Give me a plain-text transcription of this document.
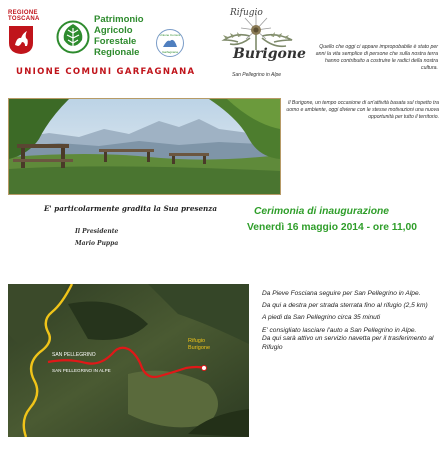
REGIONE TOSCANA	Patrimonio
Agricolo
Forestale
Regionale
Unione Comuni
Garfagnana
UNIONE COMUNI GARFAGNANA
Rifugio
Burigone
San Pellegrino in Alpe
Quello che oggi ci appare impropobabile è stato per anni la vita semplice di persone che sulla nostra terra hanno contribuito a costruire le radici della nostra cultura.
Il Burigone, un tempo occasione di un'attività basata sul rispetto tra uomo e ambiente, oggi diviene con le stesse motivazioni una nuova opportunità per tutto il territorio.
E' particolarmente gradita la Sua presenza
Il Presidente
Mario Puppa
Cerimonia di inaugurazione
Venerdì 16 maggio 2014 - ore 11,00
SAN PELLEGRINO
SAN PELLEGRINO IN ALPE
Rifugio
Burigone

Da Pieve Fosciana seguire per San Pellegrino in Alpe.

Da qui a destra per strada sterrata fino al rifugio (2,5 km)

A piedi da San Pellegrino circa 35 minuti

E' consigliato lasciare l'auto a San Pellegrino in Alpe.

Da qui sarà attivo un servizio navetta per il trasferimento al Rifugio
